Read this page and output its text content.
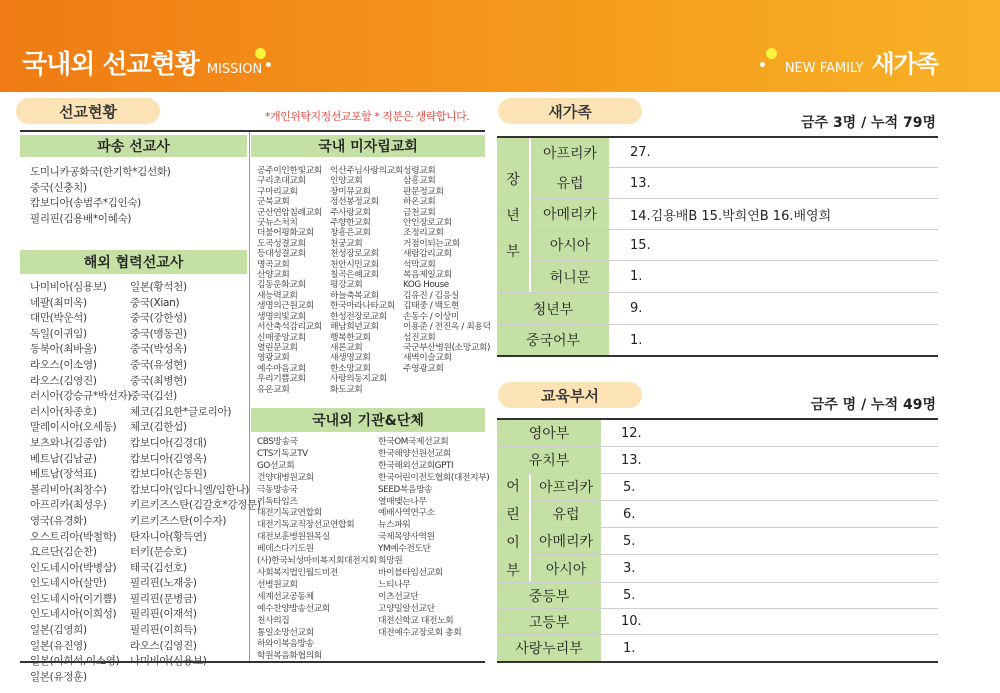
국내외 선교현황 MISSION	NEW FAMILY 새가족
선교현황	*개인위탁지정선교포함 * 직분은 생략합니다.
파송 선교사	국내 미자립교회
도미니카공화국(한기학*김선화)
중국(신충치)
캄보디아(송범주*김인숙)
필리핀(김용배*이혜숙)
해외 협력선교사
나미비아(심용보)
네팔(최미옥)
대만(박운석)
독일(이귀임)
동북아(최바울)
라오스(이소영)
라오스(김영진)
러시아(강승규*박선자)
러시아(차종호)
말레이시아(오세동)
보츠와나(김종암)
베트남(김남균)
베트남(장석표)
볼리비아(최창수)
아프리카(최성우)
영국(유경화)
오스트리아(박철학)
요르단(김순찬)
인도네시아(박병삼)
인도네시아(살만)
인도네시아(이기쁨)
인도네시아(이희성)
일본(김영희)
일본(유진영)
일본(유정훈)
일본(황석천)
중국(Xian)
중국(강한성)
중국(맹동권)
중국(박성옥)
중국(유성현)
중국(최병현)
중국(김선)
체코(김요한*글로리아)
체코(김한섭)
캄보디아(김경대)
캄보디아(김영옥)
캄보디아(손동원)
캄보디아(임다니엘/임한나)
키르키즈스탄(김갈호*강정문)
키르키즈스탄(이수자)
탄자니아(황득연)
터키(문승호)
태국(김선호)
필리핀(노재웅)
필리핀(문병금)
필리핀(이재석)
필리핀(이희득)
라오스(김영진)
공주이인한빛교회
구리초대교회
구마리교회
군북교회
군산연암침례교회
굿뉴스처치
더불어평화교회
도곡성결교회
등대성결교회
명곡교회
산양교회
김동운화교회
새능력교회
생명의근원교회
생명의빛교회
서산축석감리교회
신매중앙교회
열린문교회
영광교회
예수마음교회
우리기쁨교회
유온교회
익산주님사랑의교회
인양교회
장미뮤교회
정선봉정교회
주사랑교회
주향한교회
창흥은교회
천궁교회
천성장로교회
천안시민교회
칠곡은혜교회
평강교회
하늘축복교회
한국마라나타교회
한성전장로교회
해남희년교회
행복한교회
새론교회
새생명교회
한소망교회
사랑의동지교회
화도교회
성령교회
삼흥교회
판문정교회
하온교회
금천교회
안인장로교회
조정리교회
거점이되는교회
새람감리교회
석막교회
복음제일교회
KOG House
김유진 / 김응실
김태중 / 백도현
손동수 / 이상미
이용준 / 전진옥 / 최용덕
섬진교회
국군부산병원(소망교회)
새벽이슬교회
주영광교회
국내외 기관&단체
CBS방송국
CTS기독교TV
GO선교회
건양대병원교회
극동방송국
기독타임즈
대전기독교연합회
대전기독교직장선교연합회
대전보훈병원원목실
베데스다기도원
(사)한국뇌성마비복지회대전지회
사회복지법인월드비전
선병원교회
세계선교공동체
예수찬양방송선교회
천사의집
통일소망선교회
하와이복음방송
학원복음화협의회
한국OM국제선교회
한국해양선원선교회
한국해외선교회GPTI
한국어린이전도협회(대전지부)
SEED복음방송
열매맺는나무
예배사역연구소
뉴스파워
국제목양사역원
YM예수전도단
희망원
바이블타임선교회
느티나무
이츠선교단
고양밀알선교단
대전신학교 대전노회
대전예수교장로회 총회
새가족
금주 3명 / 누적 79명
장
년
부
아프리카	27.
유럽	13.
아메리카	14.김용배B 15.박희연B 16.배영희
아시아	15.
허니문	1.
청년부	9.
중국어부	1.
교육부서
금주 명 / 누적 49명
영아부	12.
유치부	13.
어
린
이
부
아프리카	5.
유럽	6.
아메리카	5.
아시아	3.
중등부	5.
고등부	10.
사랑누리부	1.
